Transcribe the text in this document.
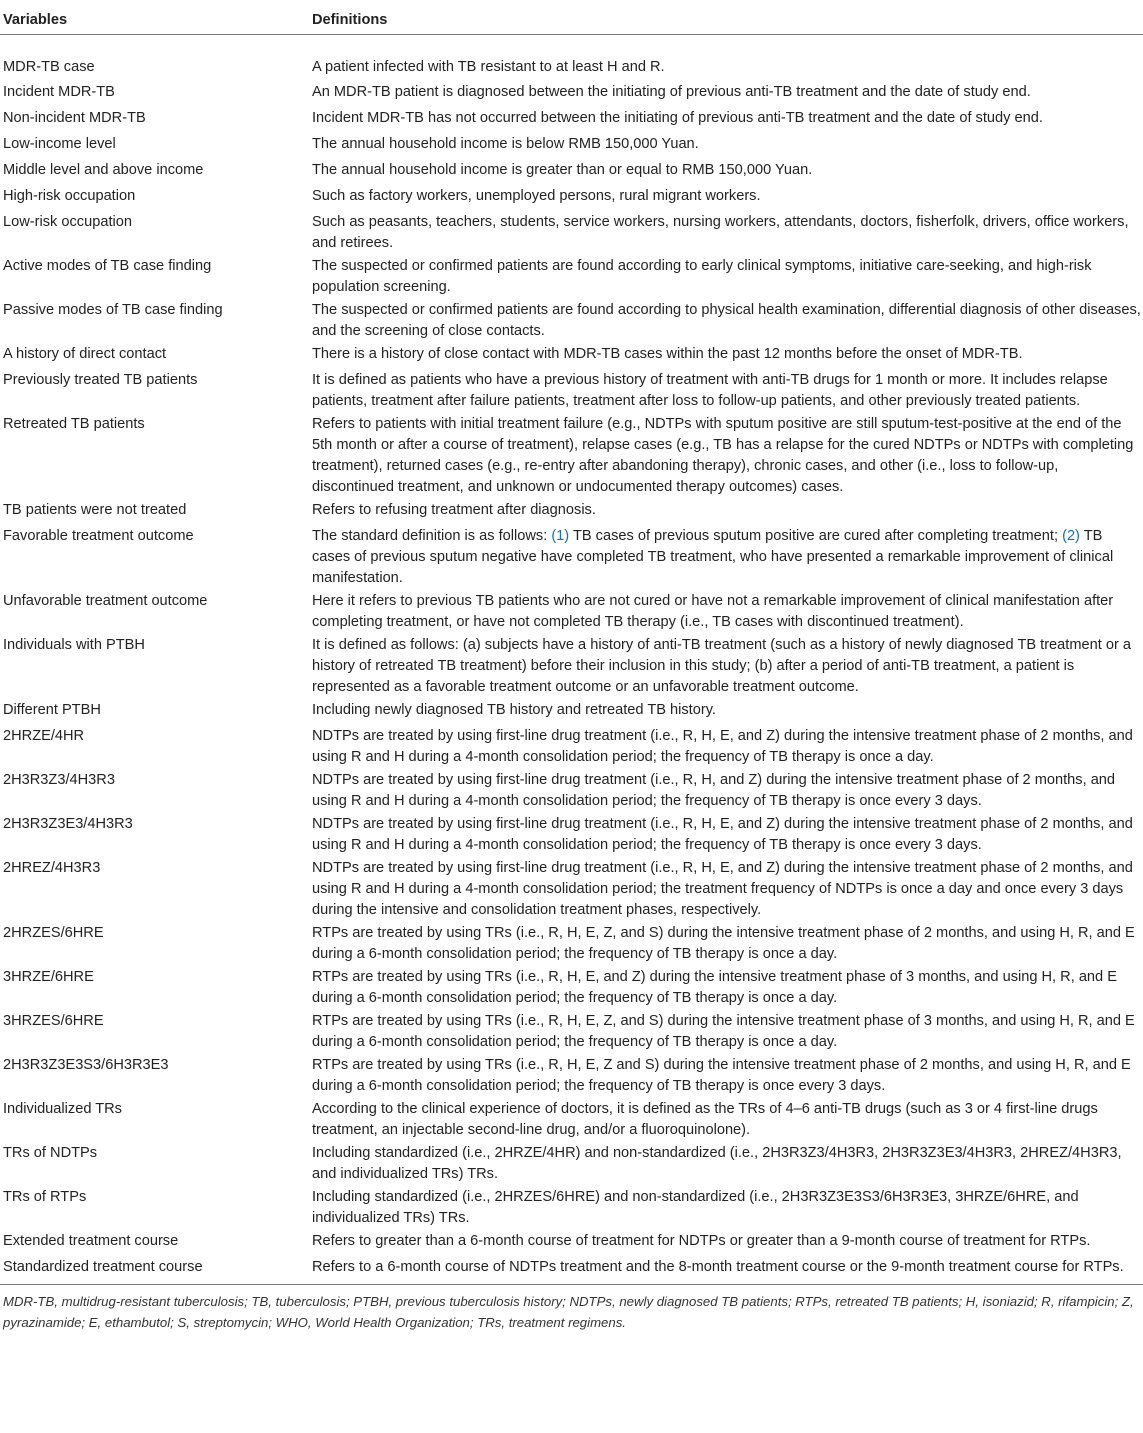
Variables	Definitions
MDR-TB case	A patient infected with TB resistant to at least H and R.
Incident MDR-TB	An MDR-TB patient is diagnosed between the initiating of previous anti-TB treatment and the date of study end.
Non-incident MDR-TB	Incident MDR-TB has not occurred between the initiating of previous anti-TB treatment and the date of study end.
Low-income level	The annual household income is below RMB 150,000 Yuan.
Middle level and above income	The annual household income is greater than or equal to RMB 150,000 Yuan.
High-risk occupation	Such as factory workers, unemployed persons, rural migrant workers.
Low-risk occupation	Such as peasants, teachers, students, service workers, nursing workers, attendants, doctors, fisherfolk, drivers, office workers, and retirees.
Active modes of TB case finding	The suspected or confirmed patients are found according to early clinical symptoms, initiative care-seeking, and high-risk population screening.
Passive modes of TB case finding	The suspected or confirmed patients are found according to physical health examination, differential diagnosis of other diseases, and the screening of close contacts.
A history of direct contact	There is a history of close contact with MDR-TB cases within the past 12 months before the onset of MDR-TB.
Previously treated TB patients	It is defined as patients who have a previous history of treatment with anti-TB drugs for 1 month or more. It includes relapse patients, treatment after failure patients, treatment after loss to follow-up patients, and other previously treated patients.
Retreated TB patients	Refers to patients with initial treatment failure (e.g., NDTPs with sputum positive are still sputum-test-positive at the end of the 5th month or after a course of treatment), relapse cases (e.g., TB has a relapse for the cured NDTPs or NDTPs with completing treatment), returned cases (e.g., re-entry after abandoning therapy), chronic cases, and other (i.e., loss to follow-up, discontinued treatment, and unknown or undocumented therapy outcomes) cases.
TB patients were not treated	Refers to refusing treatment after diagnosis.
Favorable treatment outcome	The standard definition is as follows: (1) TB cases of previous sputum positive are cured after completing treatment; (2) TB cases of previous sputum negative have completed TB treatment, who have presented a remarkable improvement of clinical manifestation.
Unfavorable treatment outcome	Here it refers to previous TB patients who are not cured or have not a remarkable improvement of clinical manifestation after completing treatment, or have not completed TB therapy (i.e., TB cases with discontinued treatment).
Individuals with PTBH	It is defined as follows: (a) subjects have a history of anti-TB treatment (such as a history of newly diagnosed TB treatment or a history of retreated TB treatment) before their inclusion in this study; (b) after a period of anti-TB treatment, a patient is represented as a favorable treatment outcome or an unfavorable treatment outcome.
Different PTBH	Including newly diagnosed TB history and retreated TB history.
2HRZE/4HR	NDTPs are treated by using first-line drug treatment (i.e., R, H, E, and Z) during the intensive treatment phase of 2 months, and using R and H during a 4-month consolidation period; the frequency of TB therapy is once a day.
2H3R3Z3/4H3R3	NDTPs are treated by using first-line drug treatment (i.e., R, H, and Z) during the intensive treatment phase of 2 months, and using R and H during a 4-month consolidation period; the frequency of TB therapy is once every 3 days.
2H3R3Z3E3/4H3R3	NDTPs are treated by using first-line drug treatment (i.e., R, H, E, and Z) during the intensive treatment phase of 2 months, and using R and H during a 4-month consolidation period; the frequency of TB therapy is once every 3 days.
2HREZ/4H3R3	NDTPs are treated by using first-line drug treatment (i.e., R, H, E, and Z) during the intensive treatment phase of 2 months, and using R and H during a 4-month consolidation period; the treatment frequency of NDTPs is once a day and once every 3 days during the intensive and consolidation treatment phases, respectively.
2HRZES/6HRE	RTPs are treated by using TRs (i.e., R, H, E, Z, and S) during the intensive treatment phase of 2 months, and using H, R, and E during a 6-month consolidation period; the frequency of TB therapy is once a day.
3HRZE/6HRE	RTPs are treated by using TRs (i.e., R, H, E, and Z) during the intensive treatment phase of 3 months, and using H, R, and E during a 6-month consolidation period; the frequency of TB therapy is once a day.
3HRZES/6HRE	RTPs are treated by using TRs (i.e., R, H, E, Z, and S) during the intensive treatment phase of 3 months, and using H, R, and E during a 6-month consolidation period; the frequency of TB therapy is once a day.
2H3R3Z3E3S3/6H3R3E3	RTPs are treated by using TRs (i.e., R, H, E, Z and S) during the intensive treatment phase of 2 months, and using H, R, and E during a 6-month consolidation period; the frequency of TB therapy is once every 3 days.
Individualized TRs	According to the clinical experience of doctors, it is defined as the TRs of 4–6 anti-TB drugs (such as 3 or 4 first-line drugs treatment, an injectable second-line drug, and/or a fluoroquinolone).
TRs of NDTPs	Including standardized (i.e., 2HRZE/4HR) and non-standardized (i.e., 2H3R3Z3/4H3R3, 2H3R3Z3E3/4H3R3, 2HREZ/4H3R3, and individualized TRs) TRs.
TRs of RTPs	Including standardized (i.e., 2HRZES/6HRE) and non-standardized (i.e., 2H3R3Z3E3S3/6H3R3E3, 3HRZE/6HRE, and individualized TRs) TRs.
Extended treatment course	Refers to greater than a 6-month course of treatment for NDTPs or greater than a 9-month course of treatment for RTPs.
Standardized treatment course	Refers to a 6-month course of NDTPs treatment and the 8-month treatment course or the 9-month treatment course for RTPs.
MDR-TB, multidrug-resistant tuberculosis; TB, tuberculosis; PTBH, previous tuberculosis history; NDTPs, newly diagnosed TB patients; RTPs, retreated TB patients; H, isoniazid; R, rifampicin; Z, pyrazinamide; E, ethambutol; S, streptomycin; WHO, World Health Organization; TRs, treatment regimens.
